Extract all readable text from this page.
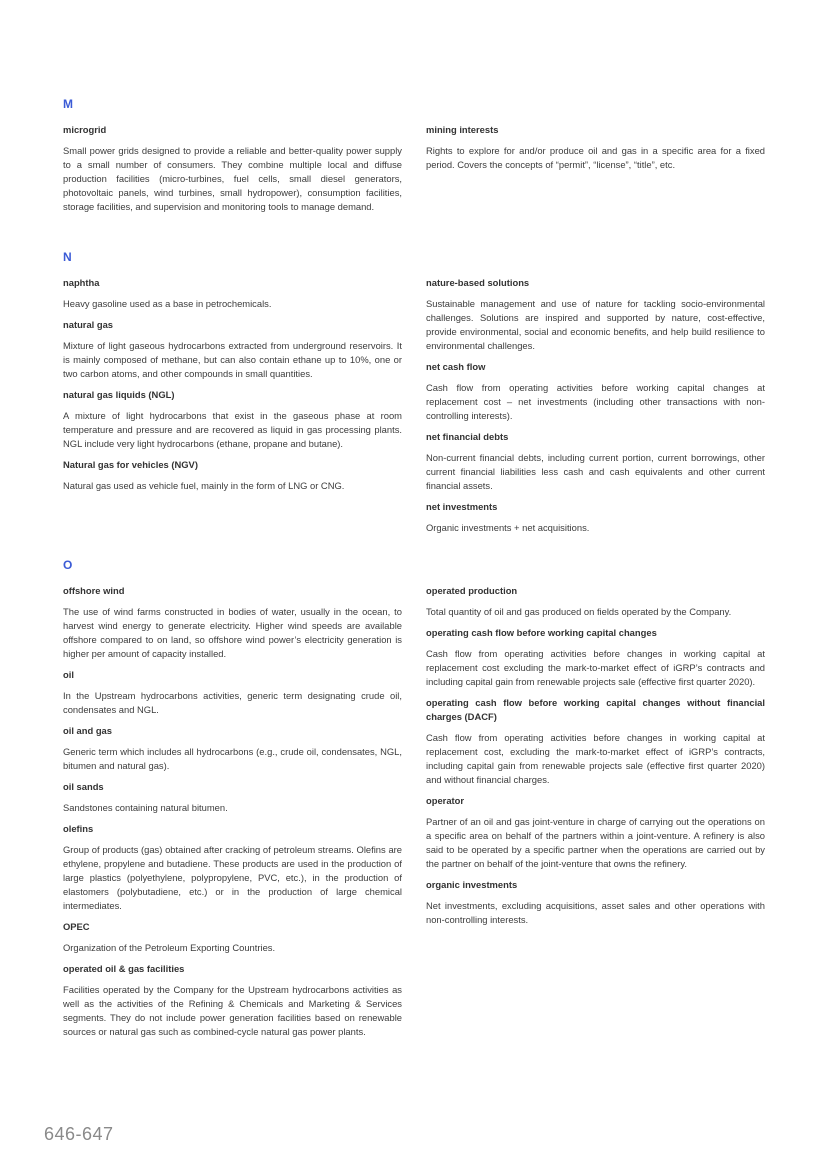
M
microgrid
Small power grids designed to provide a reliable and better-quality power supply to a small number of consumers. They combine multiple local and diffuse production facilities (micro-turbines, fuel cells, small diesel generators, photovoltaic panels, wind turbines, small hydropower), consumption facilities, storage facilities, and supervision and monitoring tools to manage demand.
mining interests
Rights to explore for and/or produce oil and gas in a specific area for a fixed period. Covers the concepts of “permit”, “license”, “title”, etc.
N
naphtha
Heavy gasoline used as a base in petrochemicals.
natural gas
Mixture of light gaseous hydrocarbons extracted from underground reservoirs. It is mainly composed of methane, but can also contain ethane up to 10%, one or two carbon atoms, and other compounds in small quantities.
natural gas liquids (NGL)
A mixture of light hydrocarbons that exist in the gaseous phase at room temperature and pressure and are recovered as liquid in gas processing plants. NGL include very light hydrocarbons (ethane, propane and butane).
Natural gas for vehicles (NGV)
Natural gas used as vehicle fuel, mainly in the form of LNG or CNG.
nature-based solutions
Sustainable management and use of nature for tackling socio-environmental challenges. Solutions are inspired and supported by nature, cost-effective, provide environmental, social and economic benefits, and help build resilience to environmental challenges.
net cash flow
Cash flow from operating activities before working capital changes at replacement cost – net investments (including other transactions with non-controlling interests).
net financial debts
Non-current financial debts, including current portion, current borrowings, other current financial liabilities less cash and cash equivalents and other current financial assets.
net investments
Organic investments + net acquisitions.
O
offshore wind
The use of wind farms constructed in bodies of water, usually in the ocean, to harvest wind energy to generate electricity. Higher wind speeds are available offshore compared to on land, so offshore wind power’s electricity generation is higher per amount of capacity installed.
oil
In the Upstream hydrocarbons activities, generic term designating crude oil, condensates and NGL.
oil and gas
Generic term which includes all hydrocarbons (e.g., crude oil, condensates, NGL, bitumen and natural gas).
oil sands
Sandstones containing natural bitumen.
olefins
Group of products (gas) obtained after cracking of petroleum streams. Olefins are ethylene, propylene and butadiene. These products are used in the production of large plastics (polyethylene, polypropylene, PVC, etc.), in the production of elastomers (polybutadiene, etc.) or in the production of large chemical intermediates.
OPEC
Organization of the Petroleum Exporting Countries.
operated oil & gas facilities
Facilities operated by the Company for the Upstream hydrocarbons activities as well as the activities of the Refining & Chemicals and Marketing & Services segments. They do not include power generation facilities based on renewable sources or natural gas such as combined-cycle natural gas power plants.
operated production
Total quantity of oil and gas produced on fields operated by the Company.
operating cash flow before working capital changes
Cash flow from operating activities before changes in working capital at replacement cost excluding the mark-to-market effect of iGRP’s contracts and including capital gain from renewable projects sale (effective first quarter 2020).
operating cash flow before working capital changes without financial charges (DACF)
Cash flow from operating activities before changes in working capital at replacement cost, excluding the mark-to-market effect of iGRP’s contracts, including capital gain from renewable projects sale (effective first quarter 2020) and without financial charges.
operator
Partner of an oil and gas joint-venture in charge of carrying out the operations on a specific area on behalf of the partners within a joint-venture. A refinery is also said to be operated by a specific partner when the operations are carried out by the partner on behalf of the joint-venture that owns the refinery.
organic investments
Net investments, excluding acquisitions, asset sales and other operations with non-controlling interests.
646-647
